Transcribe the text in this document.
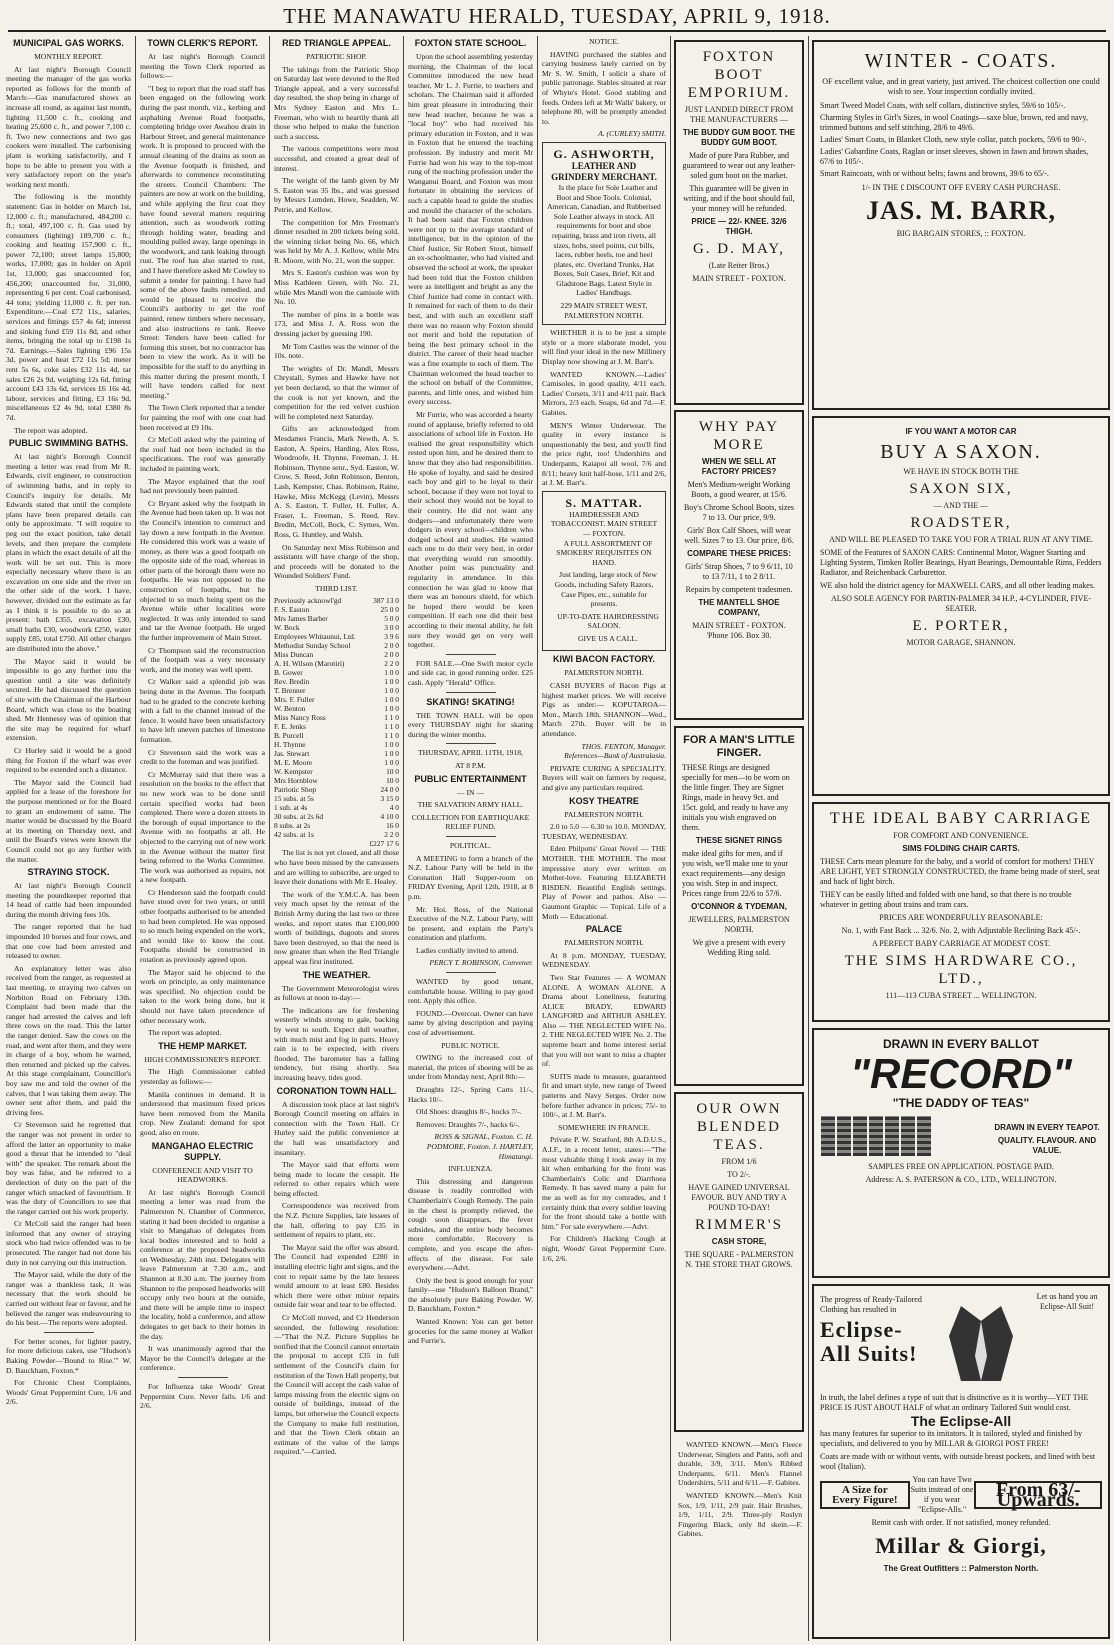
THE MANAWATU HERALD, TUESDAY, APRIL 9, 1918.
MUNICIPAL GAS WORKS.
MONTHLY REPORT.

At last night's Borough Council meeting the manager of the gas works reported as follows for the month of March:—Gas manufactured shows an increase all round, as against last month, lighting 11,500 c. ft., cooking and heating 25,600 c. ft., and power 7,100 c. ft. Two new connections and two gas cookers were installed. The carbonising plant is working satisfactorily, and I hope to be able to present you with a very satisfactory report on the year's working next month.

The following is the monthly statement: Gas in holder on March 1st, 12,000 c. ft.; manufactured, 484,200 c. ft.; total, 497,100 c. ft. Gas used by consumers (lighting) 189,700 c. ft.; cooking and heating 157,900 c. ft., power 72,100; street lamps 15,800; works, 17,000; gas in holder on April 1st, 13,000; gas unaccounted for, 456,200; unaccounted for, 31,000, representing 6 per cent. Coal carbonised, 44 tons; yielding 11,000 c. ft. per ton. Expenditure.—Coal £72 11s., salaries, services and fittings £57 4s 6d; interest and sinking fund £59 11s 8d, and other items, bringing the total up to £198 1s 7d. Earnings.—Sales lighting £96 15s 3d, power and heat £72 11s 5d; meter rent 5s 6s, coke sales £32 11s 4d, tar sales £26 2s 9d, weighing 12s 6d, fitting account £43 13s 6d, services £6 16s 4d, labour, services and fitting, £3 16s 9d, miscellaneous £2 4s 9d, total £380 8s 7d.

The report was adopted.

PUBLIC SWIMMING BATHS.

At last night's Borough Council meeting a letter was read from Mr R. Edwards, civil engineer, re construction of swimming baths, and in reply to Council's inquiry for details. Mr Edwards stated that until the complete plans have been prepared details can only be approximate. "I will require to peg out the exact position, take detail levels, and then prepare the complete plans in which the exact details of all the work will be set out. This is more especially necessary where there is an excavation on one side and the river on the other side of the work. I have, however, divided out the estimate as far as I think it is possible to do so at present: bath £355, excavation £30, small baths £30, woodwork £250, water supply £85, total £750. All other charges are distributed into the above."

The Mayor said it would be impossible to go any further into the question until a site was definitely secured. He had discussed the question of site with the Chairman of the Harbour Board, which was close to the boating shed. Mr Hennessy was of opinion that the site may be required for wharf extension.

Cr Hurley said it would be a good thing for Foxton if the wharf was ever required to be extended such a distance.

The Mayor said the Council had applied for a lease of the foreshore for the purpose mentioned or for the Board to grant an endowment of same. The matter would be discussed by the Board at its meeting on Thursday next, and until the Board's views were known the Council could not go any further with the matter.

STRAYING STOCK.

At last night's Borough Council meeting the poundkeeper reported that 14 head of cattle had been impounded during the month driving fees 10s.

The ranger reported that he had impounded 10 horses and four cows, and that one cow had been arrested and released to owner.

An explanatory letter was also received from the ranger, as requested at last meeting, re straying two calves on Norbiton Road on February 13th. Complaint had been made that the ranger had arrested the calves and left three cows on the road. This the latter the ranger denied. Saw the cows on the road, and went after them, and they were in charge of a boy, whom he warned, then returned and picked up the calves. At this stage complainant, Councillor's boy saw me and told the owner of the calves, that I was taking them away. The owner sent after them, and paid the driving fees.

Cr Stevenson said he regretted that the ranger was not present in order to afford the latter an opportunity to make good a threat that he intended to "deal with" the speaker. The remark about the boy was false, and he referred to a derelection of duty on the part of the ranger which smacked of favouritism. It was the duty of Councillors to see that the ranger carried out his work properly.

Cr McColl said the ranger had been informed that any owner of straying stock who had twice offended was to be prosecuted. The ranger had not done his duty in not carrying out this instruction.

The Mayor said, while the duty of the ranger was a thankless task, it was necessary that the work should be carried out without fear or favour, and he believed the ranger was endeavouring to do his best.—The reports were adopted.

For better scones, for lighter pastry, for more delicious cakes, use "Hudson's Baking Powder—'Bound to Rise.'" W. D. Bauckham, Foxton.*

For Chronic Chest Complaints, Woods' Great Peppermint Cure, 1/6 and 2/6.

TOWN CLERK'S REPORT.

At last night's Borough Council meeting the Town Clerk reported as follows:—

"I beg to report that the road staff has been engaged on the following work during the past month, viz., kerbing and asphalting Avenue Road footpaths, completing bridge over Awahou drain in Harbour Street, and general maintenance work. It is proposed to proceed with the annual cleaning of the drains as soon as the Avenue footpath is finished, and afterwards to commence reconstituting the streets. Council Chambers: The painters are now at work on the building, and while applying the first coat they have found several matters requiring attention, such as woodwork rotting through holding water, beading and moulding pulled away, large openings in the woodwork, and tank leaking through rust. The roof has also started to rust, and I have therefore asked Mr Cowley to submit a tender for painting. I have had some of the above faults remedied, and would be pleased to receive the Council's authority to get the roof painted, renew timbers where necessary, and also instructions re tank. Reeve Street: Tenders have been called for forming this street, but no contractor has been to view the work. As it will be impossible for the staff to do anything in this matter during the present month, I will have tenders called for next meeting."

The Town Clerk reported that a tender for painting the roof with one coat had been received at £9 10s.

Cr McColl asked why the painting of the roof had not been included in the specifications. The roof was generally included in painting work.

The Mayor explained that the roof had not previously been painted.

Cr Bryant asked why the footpath in the Avenue had been taken up. It was not the Council's intention to construct and lay down a new footpath in the Avenue. He considered this work was a waste of money, as there was a good footpath on the opposite side of the road, whereas in other parts of the borough there were no footpaths. He was not opposed to the construction of footpaths, but he objected to so much being spent on the Avenue while other localities were neglected. It was only intended to sand and tar the Avenue footpath. He urged the further improvement of Main Street.

Cr Thompson said the reconstruction of the footpath was a very necessary work, and the money was well spent.

Cr Walker said a splendid job was being done in the Avenue. The footpath had to be graded to the concrete kerbing with a fall to the channel instead of the fence. It would have been unsatisfactory to have left uneven patches of limestone formation.

Cr Stevenson said the work was a credit to the foreman and was justified.

Cr McMurray said that there was a resolution on the books to the effect that no new work was to be done until certain specified works had been completed. There were a dozen streets in the borough of equal importance to the Avenue with no footpaths at all. He objected to the carrying out of new work in the Avenue without the matter first being referred to the Works Committee. The work was authorised as repairs, not a new footpath.

Cr Henderson said the footpath could have stood over for two years, or until other footpaths authorised to be attended to had been completed. He was opposed to so much being expended on the work, and would like to know the cost. Footpaths should be constructed in rotation as previously agreed upon.

The Mayor said he objected to the work on principle, as only maintenance was specified. No objection could be taken to the work being done, but it should not have taken precedence of other necessary work.

The report was adopted.

THE HEMP MARKET.
HIGH COMMISSIONER'S REPORT.

The High Commissioner cabled yesterday as follows:—

Manila continues in demand. It is understood that maximum fixed prices have been removed from the Manila crop. New Zealand: demand for spot good, also en route.

MANGAHAO ELECTRIC SUPPLY.
CONFERENCE AND VISIT TO HEADWORKS.

At last night's Borough Council meeting a letter was read from the Palmerston N. Chamber of Commerce, stating it had been decided to organise a visit to Mangahao of delegates from local bodies interested and to hold a conference at the proposed headworks on Wednesday, 24th inst. Delegates will leave Palmerston at 7.30 a.m., and Shannon at 8.30 a.m. The journey from Shannon to the proposed headworks will occupy only two hours at the outside, and there will be ample time to inspect the locality, hold a conference, and allow delegates to get back to their homes in the day.

It was unanimously agreed that the Mayor be the Council's delegate at the conference.

For Influenza take Woods' Great Peppermint Cure. Never fails. 1/6 and 2/6.

RED TRIANGLE APPEAL.
PATRIOTIC SHOP.

The takings from the Patriotic Shop on Saturday last were devoted to the Red Triangle appeal, and a very successful day resulted, the shop being in charge of Mrs Sydney Easton and Mrs L. Freeman, who wish to heartily thank all those who helped to make the function such a success.

The various competitions were most successful, and created a great deal of interest.

The weight of the lamb given by Mr S. Easton was 35 lbs., and was guessed by Messrs Lumden, Howe, Seadden, W. Petrie, and Kellow.

The competition for Mrs Freeman's dinner resulted in 200 tickets being sold, the winning ticket being No. 66, which was held by Mr A. J. Kellow, while Mrs R. Moore, with No. 21, won the supper.

Mrs S. Easton's cushion was won by Miss Kathleen Green, with No. 21, while Mrs Mandl won the camisole with No. 10.

The number of pins in a bottle was 173, and Miss J. A. Ross won the dressing jacket by guessing 190.

Mr Tom Castles was the winner of the 10s. note.

The weights of Dr. Mandl, Messrs Chrystall, Symes and Hawke have not yet been declared, so that the winner of the cook is not yet known, and the competition for the red velvet cushion will be completed next Saturday.

Gifts are acknowledged from Mesdames Francis, Mark Newth, A. S. Easton, A. Speirs, Harding, Alex Ross, Woodroofe, H. Thynne, Freeman, J. H. Robinson, Thynne senr., Syd. Easton, W. Crow, S. Reed, John Robinson, Benton, Lash, Kempster, Chas. Robinson, Raine, Hawke, Miss McKegg (Levin), Messrs A. S. Easton, T. Fuller, H. Fuller, A. Fraser, L. Freeman, S. Reed, Rev. Bredin, McColl, Bock, C. Symes, Wm. Ross, G. Huntley, and Walsh.

On Saturday next Miss Robinson and assistants will have charge of the shop, and proceeds will be donated to the Wounded Soldiers' Fund.

THIRD LIST.
Previously acknowl'gd	387 13 0
F. S. Easton	25 0 0
Mrs James Barber	5 0 0
W. Bock	3 0 0
Employees Whitaunui, Ltd.	3 9 6
Methodist Sunday School	2 0 0
Miss Duncan	2 0 0
A. H. Wilson (Marotiri)	2 2 0
B. Gower	1 0 0
Rev. Bredin	1 0 0
T. Brenner	1 0 0
Mrs. F. Fuller	1 0 0
W. Benton	1 0 0
Miss Nancy Ross	1 1 0
F. E. Jenks	1 1 0
B. Purcell	1 1 0
H. Thynne	1 0 0
Jas. Stewart	1 0 0
M. E. Moore	1 0 0
W. Kempster	10 0
Mrs Hornblow	10 0
Patriotic Shop	24 0 0
15 subs. at 5s	3 15 0
1 sub. at 4s	4 0
30 subs. at 2s 6d	4 10 0
8 subs. at 2s	16 0
42 subs. at 1s	2 2 0
	£227 17 6

The list is not yet closed, and all those who have been missed by the canvassers and are willing to subscribe, are urged to leave their donations with Mr E. Healey.

The work of the Y.M.C.A. has been very much upset by the retreat of the British Army during the last two or three weeks, and report states that £100,000 worth of buildings, dugouts and stores have been destroyed, so that the need is now greater than when the Red Triangle appeal was first instituted.

THE WEATHER.

The Government Meteorologist wires as follows at noon to-day:—

The indications are for freshening westerly winds strong to gale, backing by west to south. Expect dull weather, with much mist and fog in parts. Heavy rain is to be expected, with rivers flooded. The barometer has a falling tendency, but rising shortly. Sea increasing heavy, tides good.

CORONATION TOWN HALL.

A discussion took place at last night's Borough Council meeting on affairs in connection with the Town Hall. Cr Hurley said the public convenience at the hall was unsatisfactory and insanitary.

The Mayor said that efforts were being made to locate the cesspit. He referred to other repairs which were being effected.

Correspondence was received from the N.Z. Picture Supplies, late lessees of the hall, offering to pay £35 in settlement of repairs to plant, etc.

The Mayor said the offer was absurd. The Council had expended £280 in installing electric light and signs, and the cost to repair same by the late lessees would amount to at least £80. Besides which there were other minor repairs outside fair wear and tear to be effected.

Cr McColl moved, and Cr Henderson seconded, the following resolution:—"That the N.Z. Picture Supplies be notified that the Council cannot entertain the proposal to accept £35 in full settlement of the Council's claim for restitution of the Town Hall property, but the Council will accept the cash value of lamps missing from the electric signs on outside of buildings, instead of the lamps, but otherwise the Council expects the Company to make full restitution, and that the Town Clerk obtain an estimate of the value of the lamps required."—Carried.

FOXTON STATE SCHOOL.

Upon the school assembling yesterday morning, the Chairman of the local Committee introduced the new head teacher, Mr L. J. Furrie, to teachers and scholars. The Chairman said it afforded him great pleasure in introducing their new head teacher, because he was a "local boy" who had received his primary education in Foxton, and it was in Foxton that he entered the teaching profession. By industry and merit Mr Furrie had won his way to the top-most rung of the teaching profession under the Wanganui Board, and Foxton was most fortunate in obtaining the services of such a capable head to guide the studies and mould the character of the scholars. It had been said that Foxton children were not up to the average standard of intelligence, but in the opinion of the Chief Justice, Sir Robert Stout, himself an ex-schoolmaster, who had visited and observed the school at work, the speaker had been told that the Foxton children were as intelligent and bright as any the Chief Justice had come in contact with. It remained for each of them to do their best, and with such an excellent staff there was no reason why Foxton should not merit and hold the reputation of being the best primary school in the district. The career of their head teacher was a fine example to each of them. The Chairman welcomed the head teacher to the school on behalf of the Committee, parents, and little ones, and wished him every success.

Mr Furrie, who was accorded a hearty round of applause, briefly referred to old associations of school life in Foxton. He realised the great responsibility which rested upon him, and he desired them to know that they also had responsibilities. He spoke of loyalty, and said he desired each boy and girl to be loyal to their school, because if they were not loyal to their school they would not be loyal to their country. He did not want any dodgers—and unfortunately there were dodgers in every school—children who dodged school and studies. He wanted each one to do their very best, in order that everything would run smoothly. Another point was punctuality and regularity in attendance. In this connection he was glad to know that there was an honours shield, for which he hoped there would be keen competition. If each one did their best according to their mental ability, he felt sure they would get on very well together.

FOR SALE.—One Swift motor cycle and side car, in good running order. £25 cash. Apply "Herald" Office.

SKATING! SKATING!

THE TOWN HALL will be open every THURSDAY night for skating during the winter months.

THURSDAY, APRIL 11TH, 1918,
AT 8 P.M.
PUBLIC ENTERTAINMENT
— IN —
THE SALVATION ARMY HALL.
COLLECTION FOR EARTHQUAKE RELIEF FUND.
POLITICAL.

A MEETING to form a branch of the N.Z. Labour Party will be held in the Coronation Hall Supper-room on FRIDAY Evening, April 12th, 1918, at 8 p.m.

Mr. Hoi. Ross, of the National Executive of the N.Z. Labour Party, will be present, and explain the Party's constitution and platform.

Ladies cordially invited to attend.

PERCY T. ROBINSON, Convener.

WANTED by good tenant, comfortable house. Willing to pay good rent. Apply this office.

FOUND.—Overcoat. Owner can have same by giving description and paying cost of advertisement.

PUBLIC NOTICE.

OWING to the increased cost of material, the prices of shoeing will be as under from Monday next, April 8th:—

Draughts 12/-, Spring Carts 11/-, Hacks 10/-.

Old Shoes: draughts 8/-, hocks 7/-.

Removes: Draughts 7/-, hacks 6/-.

ROSS & SIGNAL, Foxton. C. H. PODMORE, Foxton. J. HARTLEY, Himatangi.

INFLUENZA.

This distressing and dangerous disease is readily controlled with Chamberlain's Cough Remedy. The pain in the chest is promptly relieved, the cough soon disappears, the fever subsides, and the entire body becomes more comfortable. Recovery is complete, and you escape the after-effects of the disease. For sale everywhere.—Advt.

Only the best is good enough for your family—use "Hudson's Balloon Brand," the absolutely pure Baking Powder. W. D. Bauckham, Foxton.*

Wanted Known: You can get better groceries for the same money at Walker and Furrie's.

NOTICE.

HAVING purchased the stables and carrying business lately carried on by Mr S. W. Smith, I solicit a share of public patronage. Stables situated at rear of Whyte's Hotel. Good stabling and feeds. Orders left at Mr Walls' bakery, or telephone 80, will be promptly attended to.

A. (CURLEY) SMITH.

G. ASHWORTH,
LEATHER AND GRINDERY MERCHANT.

Is the place for Sole Leather and Boot and Shoe Tools. Colonial, American, Canadian, and Rubberised Sole Leather always in stock. All requirements for boot and shoe repairing, brass and iron rivets, all sizes, hobs, steel points, cut bills, laces, rubber heels, toe and heel plates, etc. Overland Trunks, Hat Boxes, Suit Cases, Brief, Kit and Gladstone Bags. Latest Style in Ladies' Handbags.

229 MAIN STREET WEST, PALMERSTON NORTH.

WHETHER it is to be just a simple style or a more elaborate model, you will find your ideal in the new Millinery Display now showing at J. M. Barr's.

WANTED KNOWN.—Ladies' Camisoles, in good quality, 4/11 each. Ladies' Corsets, 3/11 and 4/11 pair. Back Mirrors, 2/3 each. Soaps, 6d and 7d.—F. Gabites.

MEN'S Winter Underwear. The quality in every instance is unquestionably the best, and you'll find the price right, too! Undershirts and Underpants, Kaiapoi all wool, 7/6 and 8/11; heavy knit half-hose, 1/11 and 2/6, at J. M. Barr's.

S. MATTAR.
HAIRDRESSER AND TOBACCONIST. MAIN STREET — FOXTON.

A FULL ASSORTMENT OF SMOKERS' REQUISITES ON HAND.

Just landing, large stock of New Goods, including Safety Razors, Case Pipes, etc., suitable for presents.

UP-TO-DATE HAIRDRESSING SALOON.

GIVE US A CALL.

KIWI BACON FACTORY.
PALMERSTON NORTH.

CASH BUYERS of Bacon Pigs at highest market prices. We will receive Pigs as under:— KOPUTAROA—Mon., March 18th. SHANNON—Wed., March 27th. Buyer will be in attendance.

THOS. FENTON, Manager. References—Bank of Australasia.

PRIVATE CURING A SPECIALITY. Buyers will wait on farmers by request, and give any particulars required.

KOSY THEATRE
PALMERSTON NORTH.

2.0 to 5.0 — 6.30 to 10.0. MONDAY, TUESDAY, WEDNESDAY.

Eden Philpotts' Great Novel — THE MOTHER. THE MOTHER. The most impressive story ever written on Mother-love. Featuring ELIZABETH RISDEN. Beautiful English settings. Play of Power and pathos. Also — Gaumont Graphic — Topical. Life of a Moth — Educational.

PALACE
PALMERSTON NORTH.

At 8 p.m. MONDAY, TUESDAY, WEDNESDAY.

Two Star Features — A WOMAN ALONE. A WOMAN ALONE. A Drama about Loneliness, featuring ALICE BRADY, EDWARD LANGFORD and ARTHUR ASHLEY. Also — THE NEGLECTED WIFE No. 2. THE NEGLECTED WIFE No. 2. The supreme heart and home interest serial that you will not want to miss a chapter of.

SUITS made to measure, guaranteed fit and smart style, new range of Tweed patterns and Navy Serges. Order now before further advance in prices; 75/- to 100/-, at J. M. Barr's.

SOMEWHERE IN FRANCE.

Private P. W. Stratford, 8th A.D.U.S., A.I.F., in a recent letter, states:—"The most valuable thing I took away in my kit when embarking for the front was Chamberlain's Colic and Diarrhoea Remedy. It has saved many a pain for me as well as for my comrades, and I certainly think that every soldier leaving for the front should take a bottle with him." For sale everywhere.—Advt.

For Children's Hacking Cough at night, Woods' Great Peppermint Cure. 1/6, 2/6.

FOXTON BOOT EMPORIUM.

JUST LANDED DIRECT FROM THE MANUFACTURERS —

THE BUDDY GUM BOOT. THE BUDDY GUM BOOT.

Made of pure Para Rubber, and guaranteed to wear out any leather-soled gum boot on the market.

This guarantee will be given in writing, and if the boot should fail, your money will be refunded.

PRICE — 22/- KNEE. 32/6 THIGH.

G. D. MAY,

(Late Reiter Bros.)

MAIN STREET - FOXTON.

WHY PAY MORE

WHEN WE SELL AT FACTORY PRICES?

Men's Medium-weight Working Boots, a good wearer, at 15/6.

Boy's Chrome School Boots, sizes 7 to 13. Our price, 9/9.

Girls' Box Calf Shoes, will wear well. Sizes 7 to 13. Our price, 8/6.

COMPARE THESE PRICES:

Girls' Strap Shoes, 7 to 9 6/11, 10 to 13 7/11, 1 to 2 8/11.

Repairs by competent tradesmen.

THE MANTELL SHOE COMPANY,

MAIN STREET - FOXTON. 'Phone 106. Box 30.

FOR A MAN'S LITTLE FINGER.

THESE Rings are designed specially for men—to be worn on the little finger. They are Signet Rings, made in heavy 9ct. and 15ct. gold, and ready to have any initials you wish engraved on them.

THESE SIGNET RINGS

make ideal gifts for men, and if you wish, we'll make one to your exact requirements—any design you wish. Step in and inspect. Prices range from 22/6 to 57/6.

O'CONNOR & TYDEMAN,

JEWELLERS, PALMERSTON NORTH.

We give a present with every Wedding Ring sold.

OUR OWN BLENDED TEAS.

FROM 1/6

TO 2/-.

HAVE GAINED UNIVERSAL FAVOUR. BUY AND TRY A POUND TO-DAY!

RIMMER'S

CASH STORE,

THE SQUARE - PALMERSTON N. THE STORE THAT GROWS.

WANTED KNOWN.—Men's Fleece Underwear, Singlets and Pants, soft and durable, 3/9, 3/11. Men's Ribbed Underpants, 6/11. Men's Flannel Undershirts, 5/11 and 6/11.—F. Gabites.

WANTED KNOWN.—Men's Knit Sox, 1/9, 1/11, 2/9 pair. Hair Brushes, 1/9, 1/11, 2/9. Three-ply Roslyn Fingering Black, only 8d skein.—F. Gabites.

WINTER - COATS.

OF excellent value, and in great variety, just arrived. The choicest collection one could wish to see. Your inspection cordially invited.

Smart Tweed Model Coats, with self collars, distinctive styles, 59/6 to 105/-.
Charming Styles in Girl's Sizes, in wool Coatings—saxe blue, brown, red and navy, trimmed buttons and self stitching, 28/6 to 49/6.
Ladies' Smart Coats, in Blanket Cloth, new style collar, patch pockets, 59/6 to 90/-.
Ladies' Gabardine Coats, Raglan or inset sleeves, shown in fawn and brown shades, 67/6 to 105/-.
Smart Raincoats, with or without belts; fawns and browns, 39/6 to 65/-.

1/- IN THE £ DISCOUNT OFF EVERY CASH PURCHASE.

JAS. M. BARR,

BIG BARGAIN STORES, :: FOXTON.

IF YOU WANT A MOTOR CAR

BUY A SAXON.

WE HAVE IN STOCK BOTH THE

SAXON SIX,

— AND THE —

ROADSTER,

AND WILL BE PLEASED TO TAKE YOU FOR A TRIAL RUN AT ANY TIME.

SOME of the Features of SAXON CARS: Continental Motor, Wagner Starting and Lighting System, Timken Roller Bearings, Hyatt Bearings, Demountable Rims, Fedders Radiator, and Reichenback Carburettor.

WE also hold the district agency for MAXWELL CARS, and all other leading makes.

ALSO SOLE AGENCY FOR PARTIN-PALMER 34 H.P., 4-CYLINDER, FIVE-SEATER.

E. PORTER,

MOTOR GARAGE, SHANNON.

THE IDEAL BABY CARRIAGE

FOR COMFORT AND CONVENIENCE.

SIMS FOLDING CHAIR CARTS.

THESE Carts mean pleasure for the baby, and a world of comfort for mothers! THEY ARE LIGHT, YET STRONGLY CONSTRUCTED, the frame being made of steel, seat and back of light birch.

THEY can be easily lifted and folded with one hand, so that there is no trouble whatever in getting about trains and tram cars.

PRICES ARE WONDERFULLY REASONABLE:

No. 1, with Fast Back ... 32/6. No. 2, with Adjustable Reclining Back 45/-.

A PERFECT BABY CARRIAGE AT MODEST COST.

THE SIMS HARDWARE CO., LTD.,

111—113 CUBA STREET ... WELLINGTON.

DRAWN IN EVERY BALLOT
"RECORD"
"THE DADDY OF TEAS"

DRAWN IN EVERY TEAPOT.

QUALITY. FLAVOUR. AND VALUE.

SAMPLES FREE ON APPLICATION. POSTAGE PAID.

Address: A. S. PATERSON & CO., LTD., WELLINGTON.

The progress of Ready-Tailored Clothing has resulted in

Eclipse-All Suits!
Let us hand you an Eclipse-All Suit!

In truth, the label defines a type of suit that is distinctive as it is worthy—YET THE PRICE IS JUST ABOUT HALF of what an ordinary Tailored Suit would cost.

The Eclipse-All

has many features far superior to its imitators. It is tailored, styled and finished by specialists, and delivered to you by MILLAR & GIORGI POST FREE!

Coats are made with or without vents, with outside breast pockets, and lined with best wool (Italian).

A Size for Every Figure!
You can have Two Suits instead of one if you wear "Eclipse-Alls."
From 63/- Upwards.

Remit cash with order. If not satisfied, money refunded.

Millar & Giorgi,

The Great Outfitters :: Palmerston North.
